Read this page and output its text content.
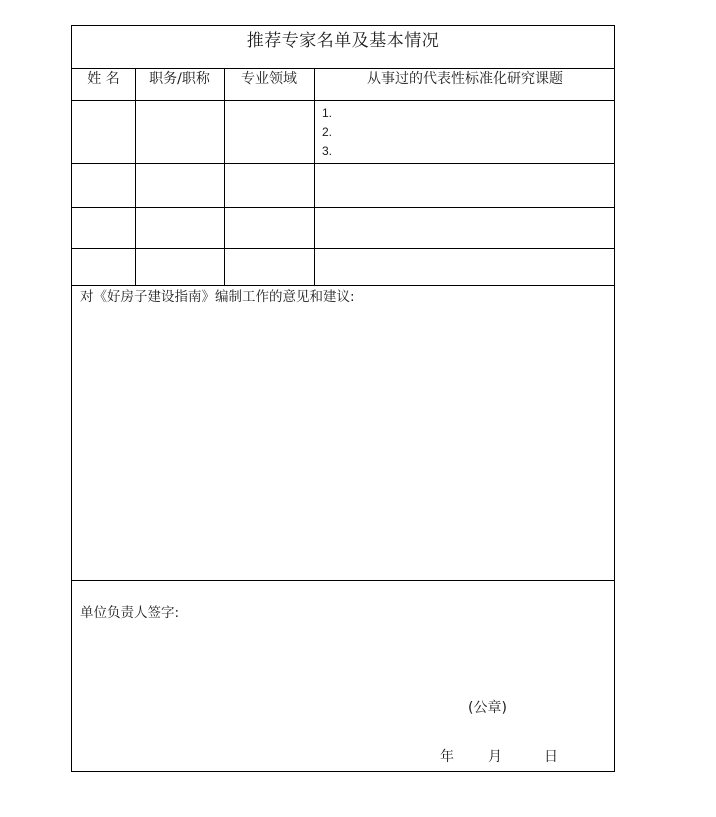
推荐专家名单及基本情况
姓 名	职务/职称	专业领域	从事过的代表性标准化研究课题
1.
2.
3.
对《好房子建设指南》编制工作的意见和建议:
单位负责人签字:
(公章)
年 月	日
